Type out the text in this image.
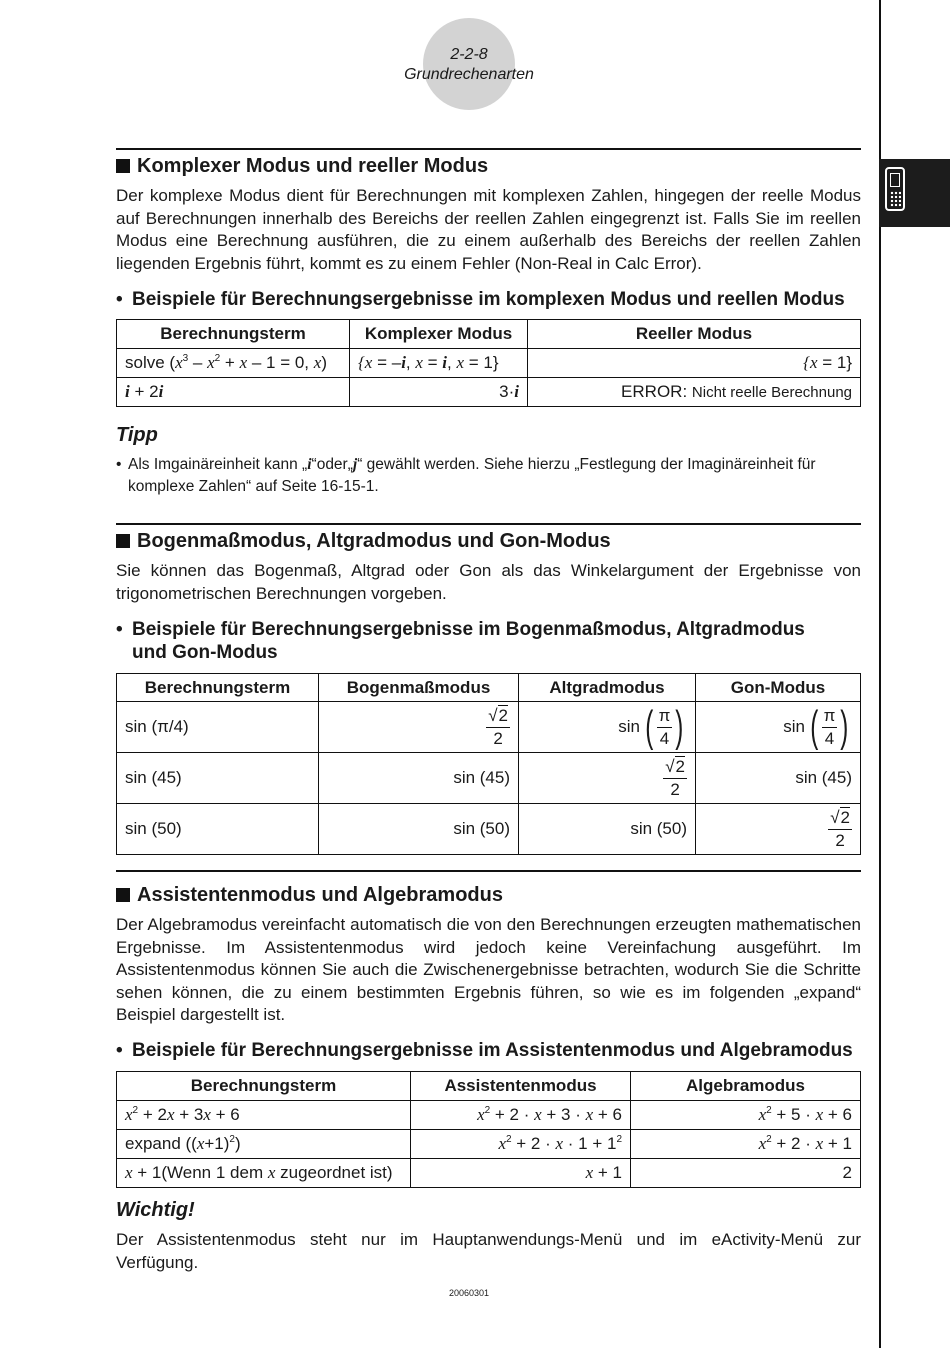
2-2-8
Grundrechenarten
Komplexer Modus und reeller Modus
Der komplexe Modus dient für Berechnungen mit komplexen Zahlen, hingegen der reelle Modus auf Berechnungen innerhalb des Bereichs der reellen Zahlen eingegrenzt ist. Falls Sie im reellen Modus eine Berechnung ausführen, die zu einem außerhalb des Bereichs der reellen Zahlen liegenden Ergebnis führt, kommt es zu einem Fehler (Non-Real in Calc Error).
• Beispiele für Berechnungsergebnisse im komplexen Modus und reellen Modus
Berechnungsterm	Komplexer Modus	Reeller Modus
solve ($x^3 - x^2 + x - 1 = 0$, x)	{x = –i, x = i, x = 1}	{x = 1}
i + 2i	3·i	ERROR: Nicht reelle Berechnung
Tipp
• Als Imgainäreinheit kann „i“oder„j“ gewählt werden. Siehe hierzu „Festlegung der Imaginäreinheit für komplexe Zahlen“ auf Seite 16-15-1.
Bogenmaßmodus, Altgradmodus und Gon-Modus
Sie können das Bogenmaß, Altgrad oder Gon als das Winkelargument der Ergebnisse von trigonometrischen Berechnungen vorgeben.
• Beispiele für Berechnungsergebnisse im Bogenmaßmodus, Altgradmodus
und Gon-Modus
Berechnungsterm	Bogenmaßmodus	Altgradmodus	Gon-Modus
sin (π/4)	$\frac{√2}{2}$	sin ( $\frac{\pi}{4}$ )	sin ( $\frac{\pi}{4}$ )

sin (45)	sin (45)	$\frac{√2}{2}$	sin (45)
sin (50)	sin (50)	sin (50)	$\frac{√2}{2}$
Assistentenmodus und Algebramodus
Der Algebramodus vereinfacht automatisch die von den Berechnungen erzeugten mathematischen Ergebnisse. Im Assistentenmodus wird jedoch keine Vereinfachung ausgeführt. Im Assistentenmodus können Sie auch die Zwischenergebnisse betrachten, wodurch Sie die Schritte sehen können, die zu einem bestimmten Ergebnis führen, so wie es im folgenden „expand“ Beispiel dargestellt ist.
• Beispiele für Berechnungsergebnisse im Assistentenmodus und Algebramodus
Berechnungsterm	Assistentenmodus	Algebramodus
$x^2 + 2x + 3x + 6$	$x^2 + 2 \cdot x + 3 \cdot x + 6$	$x^2 + 5 \cdot x + 6$
expand $((x+1)^2)$	$x^2 + 2 \cdot x \cdot 1 + 1^2$	$x^2 + 2 \cdot x + 1$
x + 1(Wenn 1 dem x zugeordnet ist)	x + 1	2
Wichtig!
Der Assistentenmodus steht nur im Hauptanwendungs-Menü und im eActivity-Menü zur Verfügung.
20060301
